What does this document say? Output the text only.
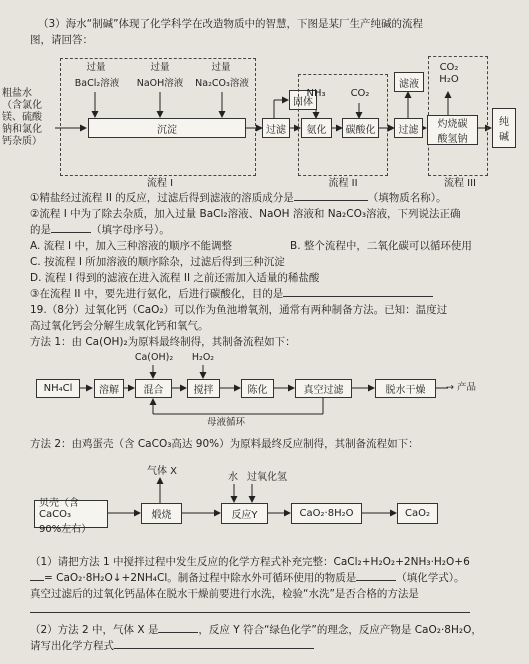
（3）海水“制碱”体现了化学科学在改造物质中的智慧，下图是某厂生产纯碱的流程
图，请回答：
粗盐水
（含氯化
镁、硫酸
钠和氯化
钙杂质）
过量
BaCl₂溶液
过量
NaOH溶液
过量
Na₂CO₃溶液
沉淀
流程 I
过滤
固体
NH₃	CO₂
氨化	碳酸化
流程 II
过滤
滤液
CO₂
H₂O
灼烧碳
酸氢钠
流程 III
纯
碱
①精盐经过流程 II 的反应，过滤后得到滤液的溶质成分是	（填物质名称）。
②流程 I 中为了除去杂质，加入过量 BaCl₂溶液、NaOH 溶液和 Na₂CO₃溶液，下列说法正确
的是	（填字母序号）。
A. 流程 I 中，加入三种溶液的顺序不能调整	B. 整个流程中，二氧化碳可以循环使用
C. 按流程 I 所加溶液的顺序除杂，过滤后得到三种沉淀
D. 流程 I 得到的滤液在进入流程 II 之前还需加入适量的稀盐酸
③在流程 II 中，要先进行氨化，后进行碳酸化，目的是
19.（8分）过氧化钙（CaO₂）可以作为鱼池增氧剂，通常有两种制备方法。已知：温度过
高过氧化钙会分解生成氧化钙和氧气。
方法 1：由 Ca(OH)₂为原料最终制得，其制备流程如下：
NH₄Cl	溶解	混合	搅拌	陈化	真空过滤	脱水干燥
Ca(OH)₂	H₂O₂
→ 产品
母液循环
方法 2：由鸡蛋壳（含 CaCO₃高达 90%）为原料最终反应制得，其制备流程如下：
气体 X
水 过氧化氢
贝壳（含CaCO₃
90%左右）
煅烧	反应Y	CaO₂·8H₂O	CaO₂
（1）请把方法 1 中搅拌过程中发生反应的化学方程式补充完整：CaCl₂+H₂O₂+2NH₃·H₂O+6
= CaO₂·8H₂O↓+2NH₄Cl。制备过程中除水外可循环使用的物质是	（填化学式）。
真空过滤后的过氧化钙晶体在脱水干燥前要进行水洗，检验“水洗”是否合格的方法是
（2）方法 2 中，气体 X 是	，反应 Y 符合“绿色化学”的理念，反应产物是 CaO₂·8H₂O，
请写出化学方程式
